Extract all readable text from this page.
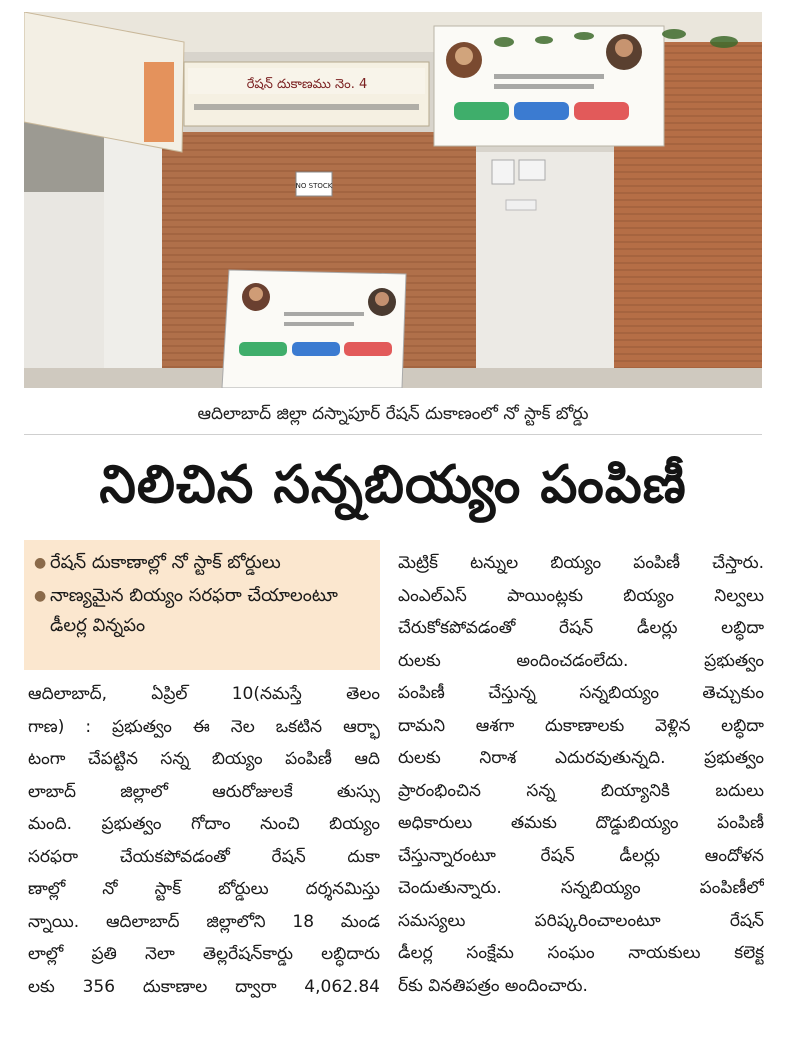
రేషన్ దుకాణము నెం. 4
NO STOCK
ఆదిలాబాద్ జిల్లా దస్నాపూర్ రేషన్ దుకాణంలో నో స్టాక్ బోర్డు
నిలిచిన సన్నబియ్యం పంపిణీ
● రేషన్ దుకాణాల్లో నో స్టాక్ బోర్డులు
● నాణ్యమైన బియ్యం సరఫరా చేయాలంటూ డీలర్ల విన్నపం
ఆదిలాబాద్, ఏప్రిల్ 10(నమస్తే తెలం
గాణ) : ప్రభుత్వం ఈ నెల ఒకటిన ఆర్భా
టంగా చేపట్టిన సన్న బియ్యం పంపిణీ ఆది
లాబాద్ జిల్లాలో ఆరురోజులకే తుస్సు
మంది. ప్రభుత్వం గోదాం నుంచి బియ్యం
సరఫరా చేయకపోవడంతో రేషన్ దుకా
ణాల్లో నో స్టాక్ బోర్డులు దర్శనమిస్తు
న్నాయి. ఆదిలాబాద్ జిల్లాలోని 18 మండ
లాల్లో ప్రతి నెలా తెల్లరేషన్‌కార్డు లబ్ధిదారు
లకు 356 దుకాణాల ద్వారా 4,062.84
మెట్రిక్ టన్నుల బియ్యం పంపిణీ చేస్తారు.
ఎంఎల్ఎస్ పాయింట్లకు బియ్యం నిల్వలు
చేరుకోకపోవడంతో రేషన్ డీలర్లు లబ్ధిదా
రులకు అందించడంలేదు. ప్రభుత్వం
పంపిణీ చేస్తున్న సన్నబియ్యం తెచ్చుకుం
దామని ఆశగా దుకాణాలకు వెళ్లిన లబ్ధిదా
రులకు నిరాశ ఎదురవుతున్నది. ప్రభుత్వం
ప్రారంభించిన సన్న బియ్యానికి బదులు
అధికారులు తమకు దొడ్డుబియ్యం పంపిణీ
చేస్తున్నారంటూ రేషన్ డీలర్లు ఆందోళన
చెందుతున్నారు. సన్నబియ్యం పంపిణీలో
సమస్యలు పరిష్కరించాలంటూ రేషన్
డీలర్ల సంక్షేమ సంఘం నాయకులు కలెక్ట
ర్‌కు వినతిపత్రం అందించారు.
